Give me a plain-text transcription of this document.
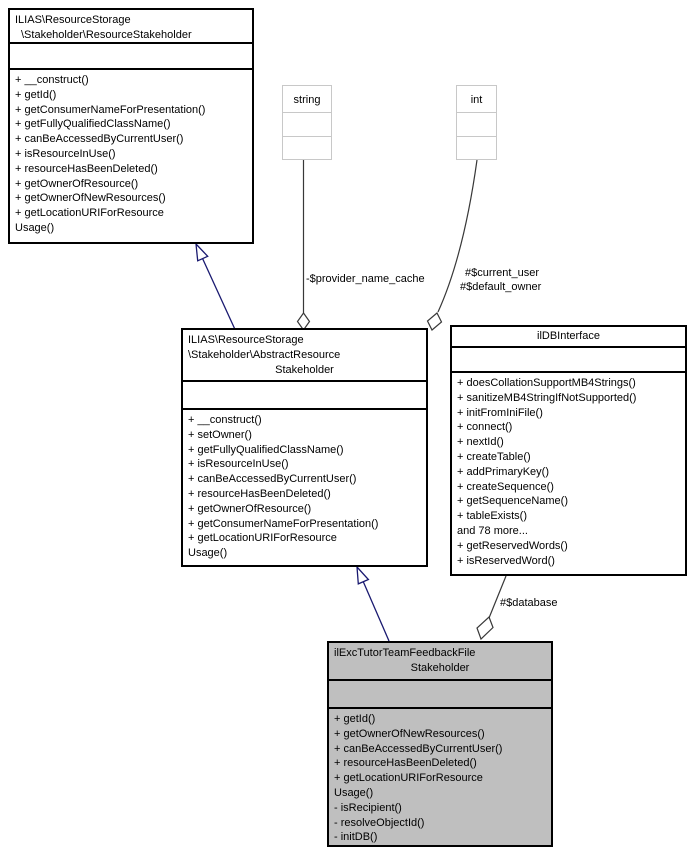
ILIAS\ResourceStorage
\Stakeholder\ResourceStakeholder
+ __construct()
+ getId()
+ getConsumerNameForPresentation()
+ getFullyQualifiedClassName()
+ canBeAccessedByCurrentUser()
+ isResourceInUse()
+ resourceHasBeenDeleted()
+ getOwnerOfResource()
+ getOwnerOfNewResources()
+ getLocationURIForResource
Usage()
string	int
ILIAS\ResourceStorage
\Stakeholder\AbstractResource
Stakeholder
+ __construct()
+ setOwner()
+ getFullyQualifiedClassName()
+ isResourceInUse()
+ canBeAccessedByCurrentUser()
+ resourceHasBeenDeleted()
+ getOwnerOfResource()
+ getConsumerNameForPresentation()
+ getLocationURIForResource
Usage()
ilDBInterface
+ doesCollationSupportMB4Strings()
+ sanitizeMB4StringIfNotSupported()
+ initFromIniFile()
+ connect()
+ nextId()
+ createTable()
+ addPrimaryKey()
+ createSequence()
+ getSequenceName()
+ tableExists()
and 78 more...
+ getReservedWords()
+ isReservedWord()
ilExcTutorTeamFeedbackFile
Stakeholder
+ getId()
+ getOwnerOfNewResources()
+ canBeAccessedByCurrentUser()
+ resourceHasBeenDeleted()
+ getLocationURIForResource
Usage()
- isRecipient()
- resolveObjectId()
- initDB()
-$provider_name_cache	#$current_user
#$default_owner
#$database
